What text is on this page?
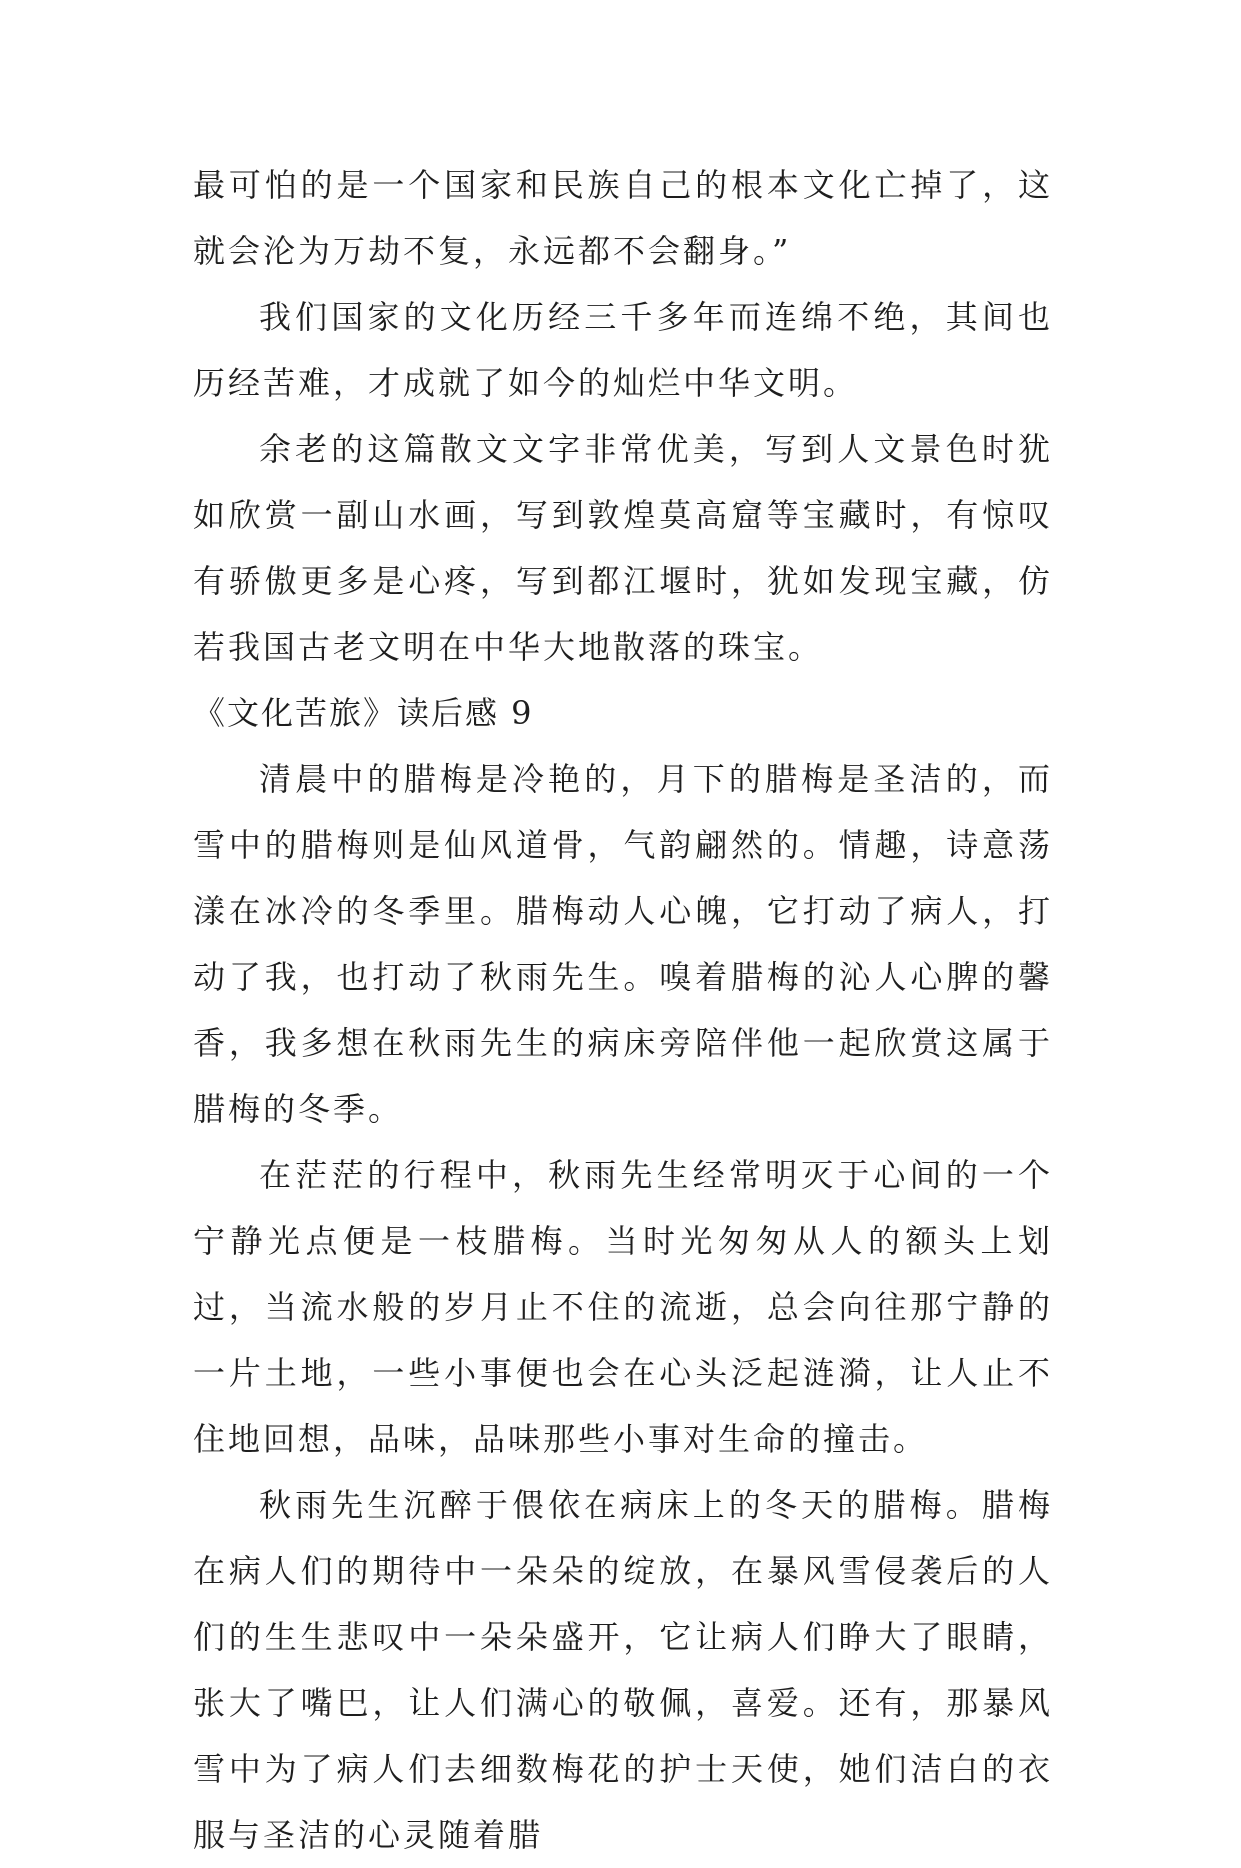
最可怕的是一个国家和民族自己的根本文化亡掉了，这就会沦为万劫不复，永远都不会翻身。”

我们国家的文化历经三千多年而连绵不绝，其间也历经苦难，才成就了如今的灿烂中华文明。

余老的这篇散文文字非常优美，写到人文景色时犹如欣赏一副山水画，写到敦煌莫高窟等宝藏时，有惊叹有骄傲更多是心疼，写到都江堰时，犹如发现宝藏，仿若我国古老文明在中华大地散落的珠宝。

《文化苦旅》读后感 9

清晨中的腊梅是冷艳的，月下的腊梅是圣洁的，而雪中的腊梅则是仙风道骨，气韵翩然的。情趣，诗意荡漾在冰冷的冬季里。腊梅动人心魄，它打动了病人，打动了我，也打动了秋雨先生。嗅着腊梅的沁人心脾的馨香，我多想在秋雨先生的病床旁陪伴他一起欣赏这属于腊梅的冬季。

在茫茫的行程中，秋雨先生经常明灭于心间的一个宁静光点便是一枝腊梅。当时光匆匆从人的额头上划过，当流水般的岁月止不住的流逝，总会向往那宁静的一片土地，一些小事便也会在心头泛起涟漪，让人止不住地回想，品味，品味那些小事对生命的撞击。

秋雨先生沉醉于偎依在病床上的冬天的腊梅。腊梅在病人们的期待中一朵朵的绽放，在暴风雪侵袭后的人们的生生悲叹中一朵朵盛开，它让病人们睁大了眼睛，张大了嘴巴，让人们满心的敬佩，喜爱。还有，那暴风雪中为了病人们去细数梅花的护士天使，她们洁白的衣服与圣洁的心灵随着腊
